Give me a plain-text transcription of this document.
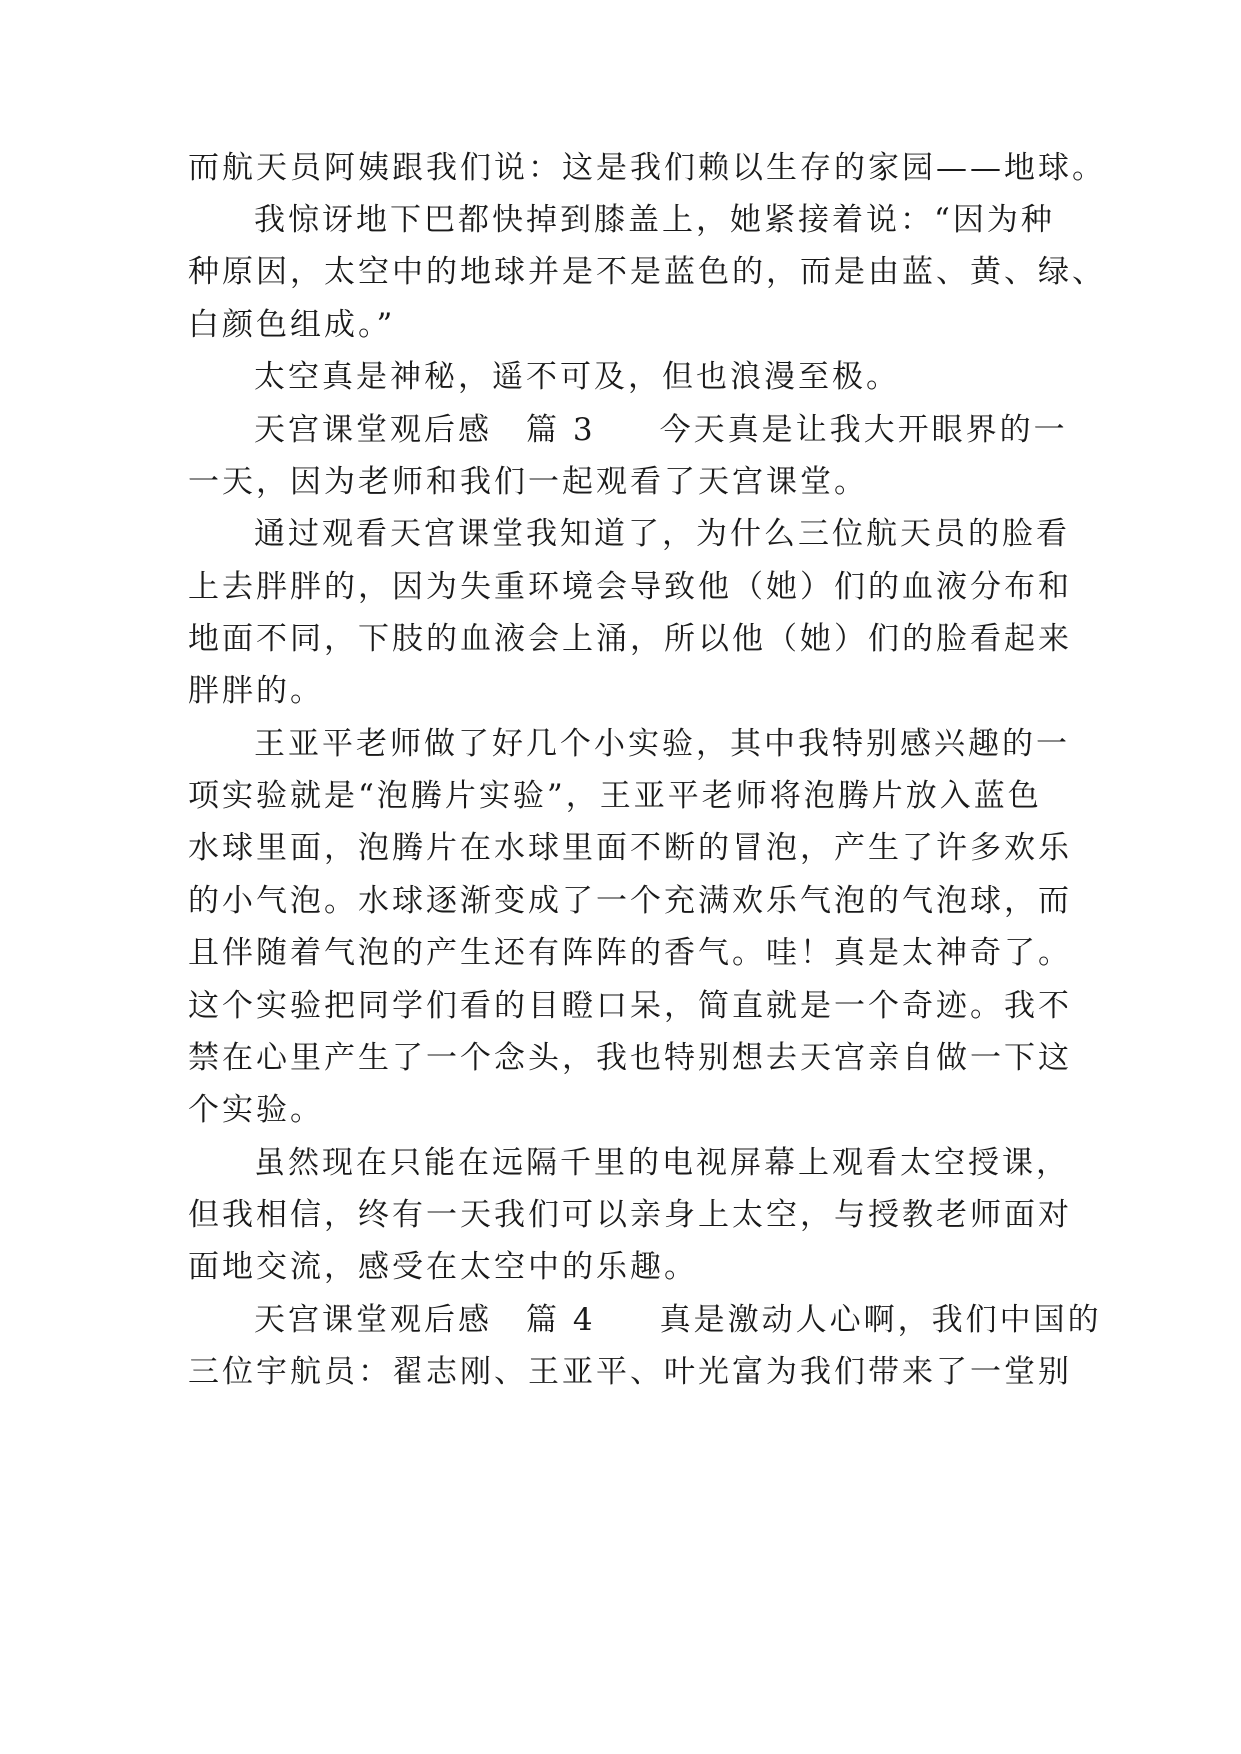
而航天员阿姨跟我们说：这是我们赖以生存的家园——地球。
我惊讶地下巴都快掉到膝盖上，她紧接着说：“因为种
种原因，太空中的地球并是不是蓝色的，而是由蓝、黄、绿、
白颜色组成。”
太空真是神秘，遥不可及，但也浪漫至极。
天宫课堂观后感 篇 3 今天真是让我大开眼界的一
一天，因为老师和我们一起观看了天宫课堂。
通过观看天宫课堂我知道了，为什么三位航天员的脸看
上去胖胖的，因为失重环境会导致他（她）们的血液分布和
地面不同，下肢的血液会上涌，所以他（她）们的脸看起来
胖胖的。
王亚平老师做了好几个小实验，其中我特别感兴趣的一
项实验就是“泡腾片实验”，王亚平老师将泡腾片放入蓝色
水球里面，泡腾片在水球里面不断的冒泡，产生了许多欢乐
的小气泡。水球逐渐变成了一个充满欢乐气泡的气泡球，而
且伴随着气泡的产生还有阵阵的香气。哇！真是太神奇了。
这个实验把同学们看的目瞪口呆，简直就是一个奇迹。我不
禁在心里产生了一个念头，我也特别想去天宫亲自做一下这
个实验。
虽然现在只能在远隔千里的电视屏幕上观看太空授课，
但我相信，终有一天我们可以亲身上太空，与授教老师面对
面地交流，感受在太空中的乐趣。
天宫课堂观后感 篇 4 真是激动人心啊，我们中国的
三位宇航员：翟志刚、王亚平、叶光富为我们带来了一堂别
